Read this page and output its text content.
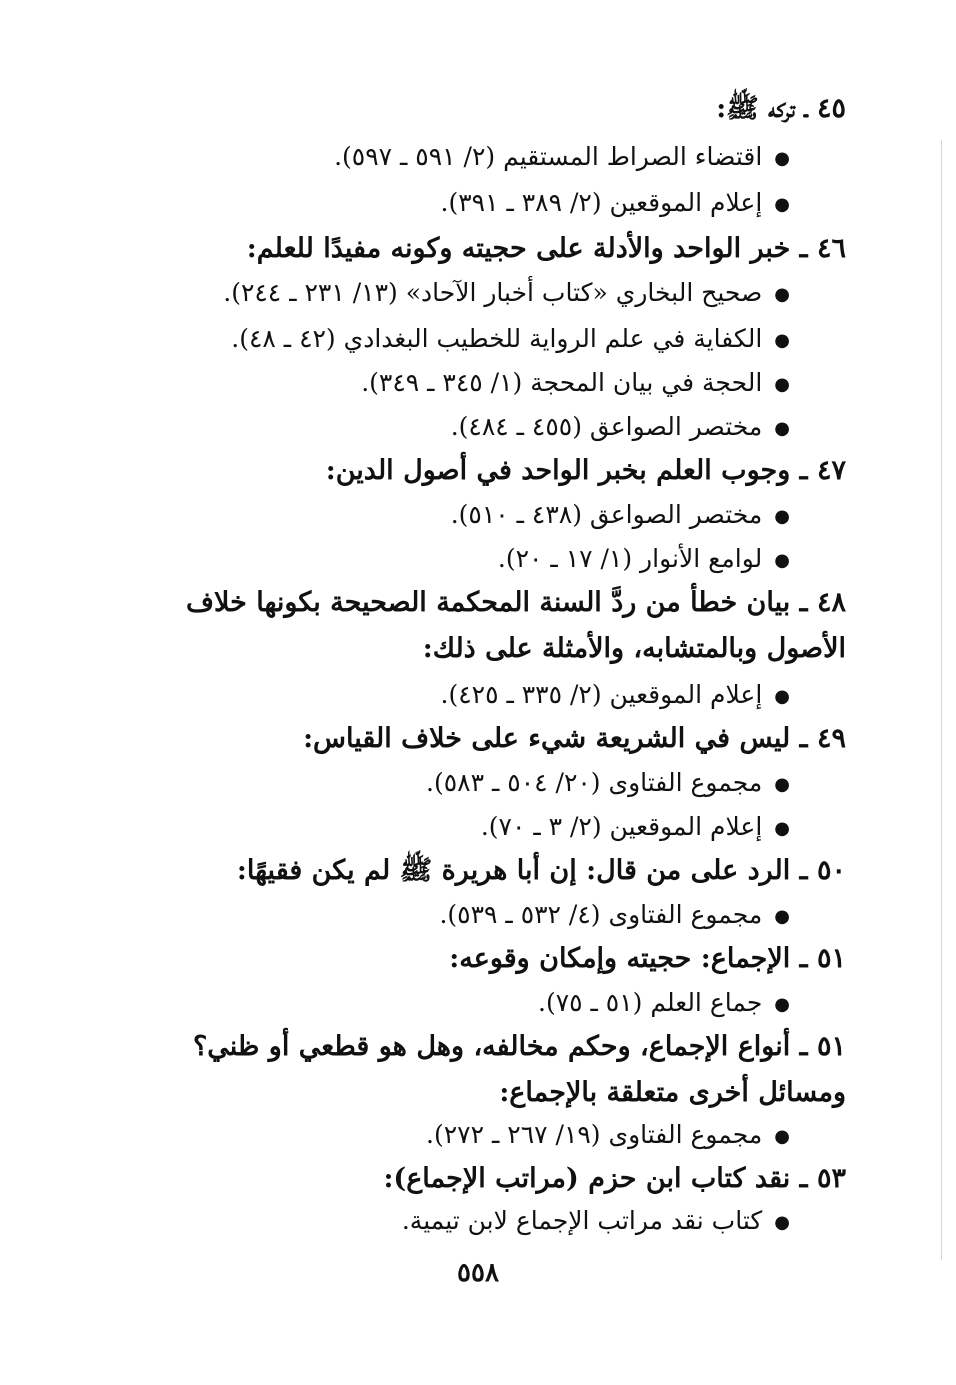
٤٥ ـ تركه ﷺ:
●اقتضاء الصراط المستقيم (٢/ ٥٩١ ـ ٥٩٧).
●إعلام الموقعين (٢/ ٣٨٩ ـ ٣٩١).
٤٦ ـ خبر الواحد والأدلة على حجيته وكونه مفيدًا للعلم:
●صحيح البخاري «كتاب أخبار الآحاد» (١٣/ ٢٣١ ـ ٢٤٤).
●الكفاية في علم الرواية للخطيب البغدادي (٤٢ ـ ٤٨).
●الحجة في بيان المحجة (١/ ٣٤٥ ـ ٣٤٩).
●مختصر الصواعق (٤٥٥ ـ ٤٨٤).
٤٧ ـ وجوب العلم بخبر الواحد في أصول الدين:
●مختصر الصواعق (٤٣٨ ـ ٥١٠).
●لوامع الأنوار (١/ ١٧ ـ ٢٠).
٤٨ ـ بيان خطأ من ردَّ السنة المحكمة الصحيحة بكونها خلاف الأصول وبالمتشابه، والأمثلة على ذلك:
●إعلام الموقعين (٢/ ٣٣٥ ـ ٤٢٥).
٤٩ ـ ليس في الشريعة شيء على خلاف القياس:
●مجموع الفتاوى (٢٠/ ٥٠٤ ـ ٥٨٣).
●إعلام الموقعين (٢/ ٣ ـ ٧٠).
٥٠ ـ الرد على من قال: إن أبا هريرة ﷺ لم يكن فقيهًا:
●مجموع الفتاوى (٤/ ٥٣٢ ـ ٥٣٩).
٥١ ـ الإجماع: حجيته وإمكان وقوعه:
●جماع العلم (٥١ ـ ٧٥).
٥١ ـ أنواع الإجماع، وحكم مخالفه، وهل هو قطعي أو ظني؟ ومسائل أخرى متعلقة بالإجماع:
●مجموع الفتاوى (١٩/ ٢٦٧ ـ ٢٧٢).
٥٣ ـ نقد كتاب ابن حزم (مراتب الإجماع):
●كتاب نقد مراتب الإجماع لابن تيمية.
٥٥٨
